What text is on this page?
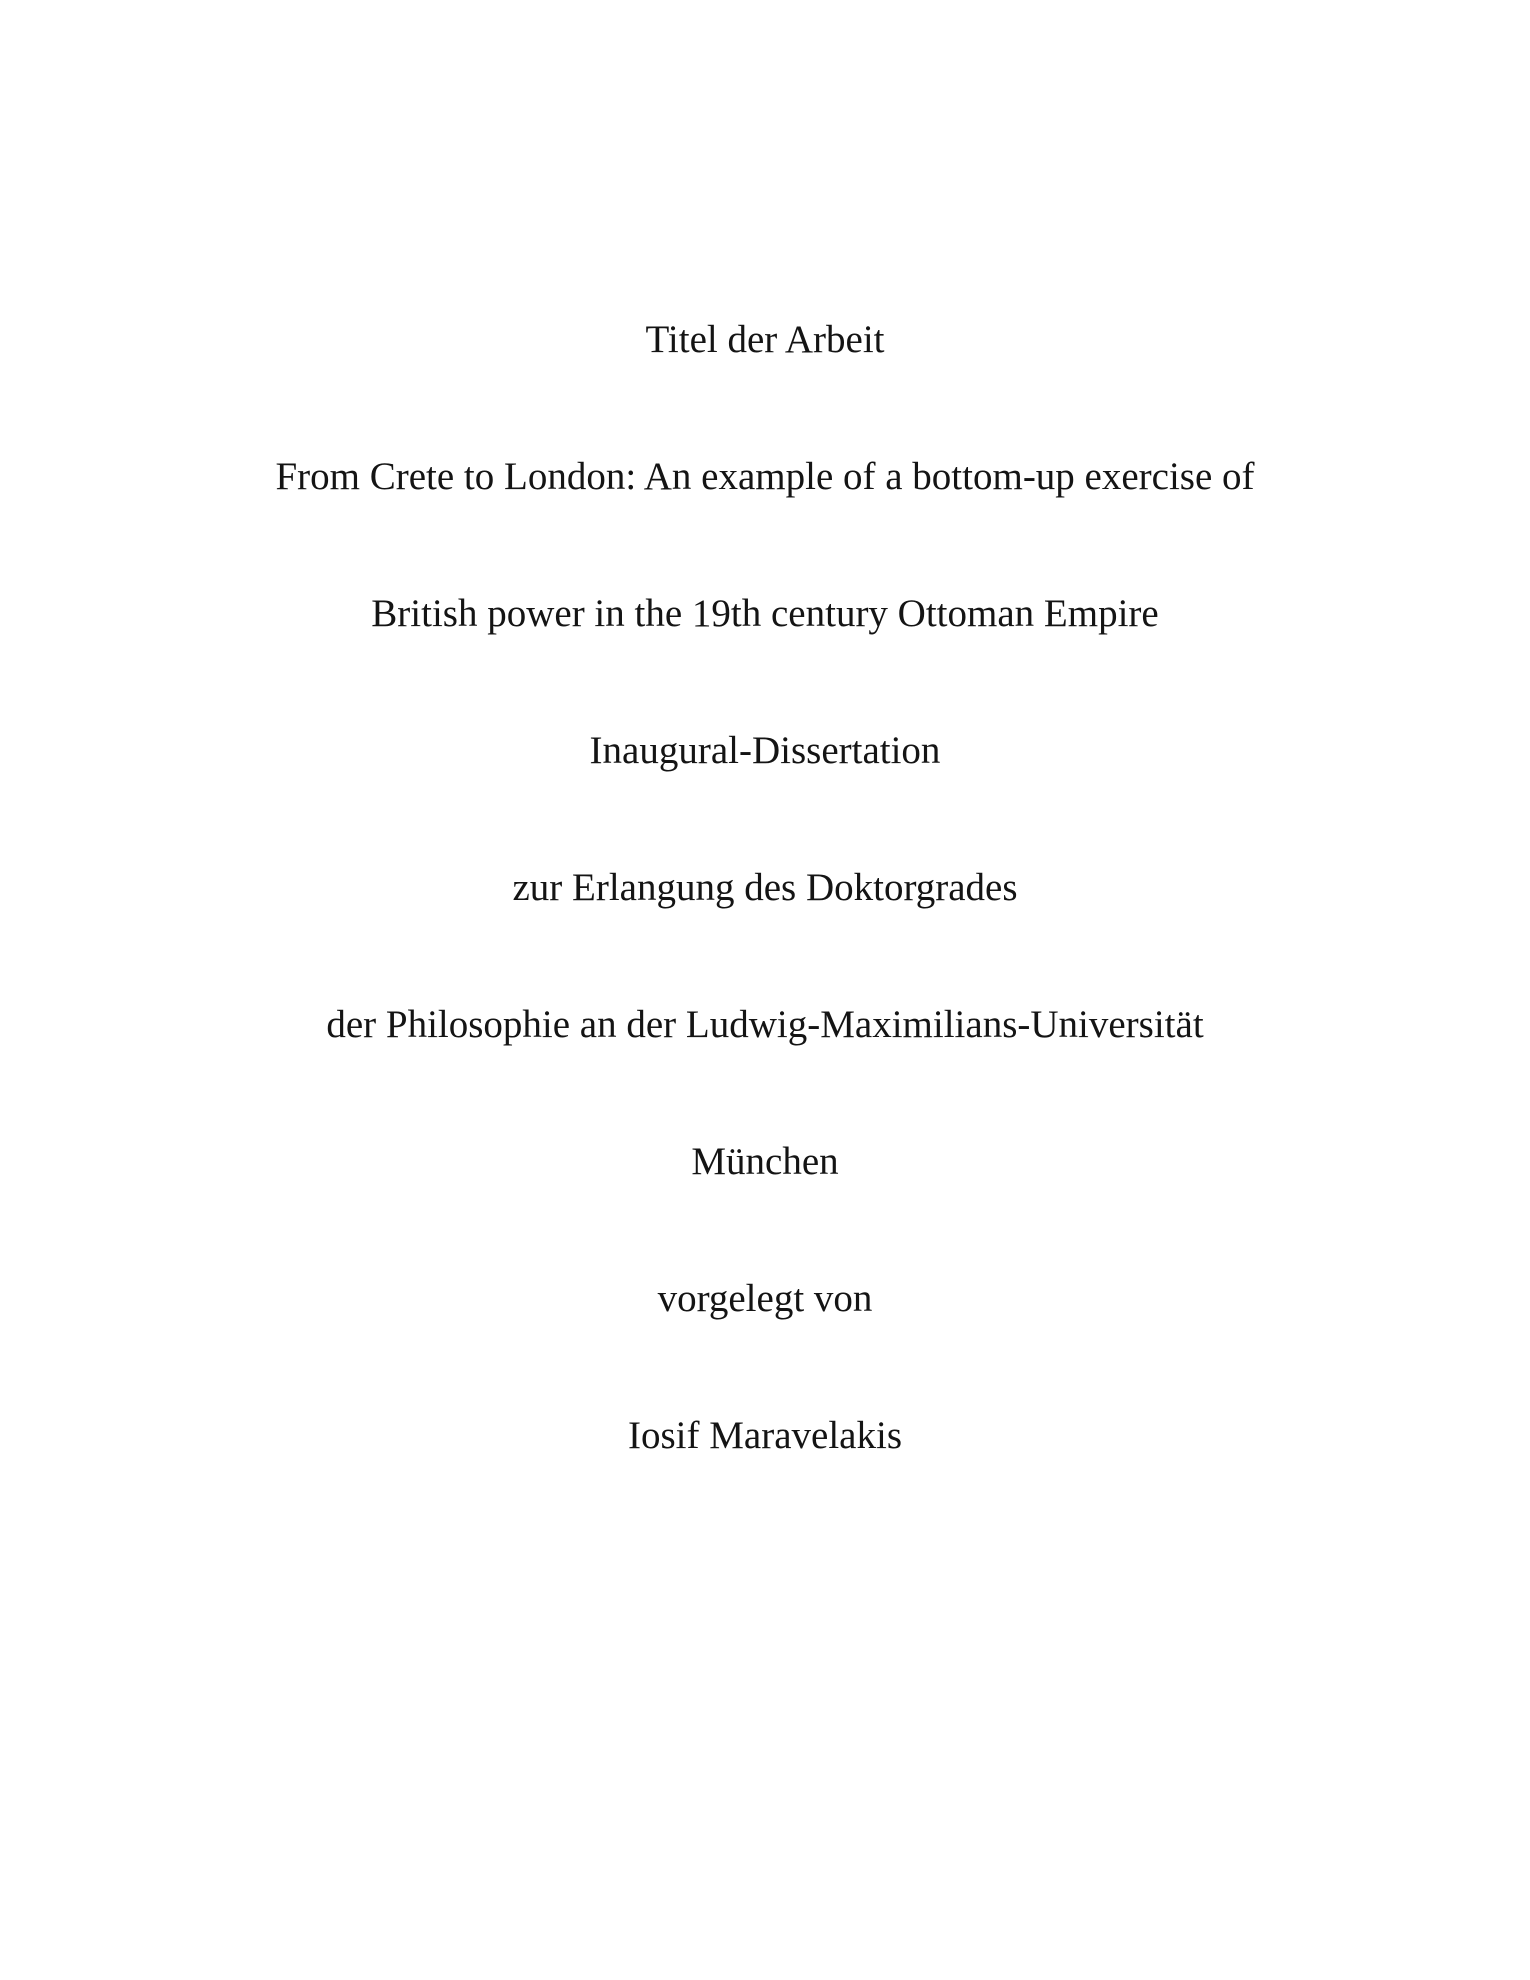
Titel der Arbeit

From Crete to London: An example of a bottom-up exercise of

British power in the 19th century Ottoman Empire

Inaugural-Dissertation

zur Erlangung des Doktorgrades

der Philosophie an der Ludwig-Maximilians-Universität

München

vorgelegt von

Iosif Maravelakis
